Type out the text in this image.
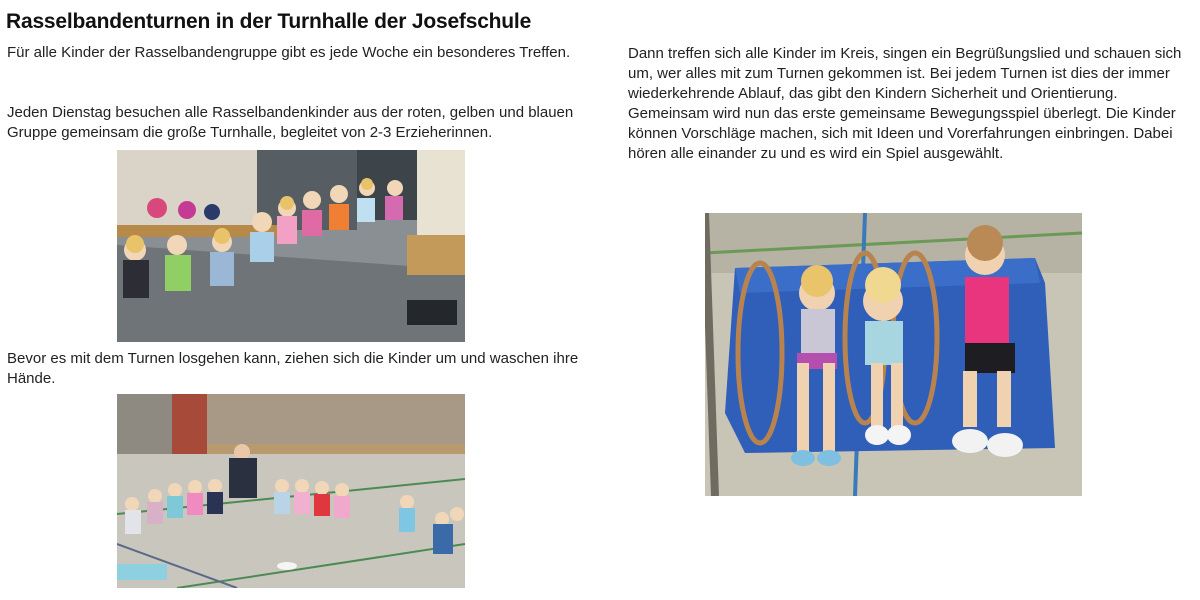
Rasselbandenturnen in der Turnhalle der Josefschule

Für alle Kinder der Rasselbandengruppe gibt es jede Woche ein besonderes Treffen.

Jeden Dienstag besuchen alle Rasselbandenkinder aus der roten, gelben und blauen Gruppe gemeinsam die große Turnhalle, begleitet von 2-3 Erzieherinnen.

Bevor es mit dem Turnen losgehen kann, ziehen sich die Kinder um und waschen ihre Hände.

Dann treffen sich alle Kinder im Kreis, singen ein Begrüßungslied und schauen sich um, wer alles mit zum Turnen gekommen ist. Bei jedem Turnen ist dies der immer wiederkehrende Ablauf, das gibt den Kindern Sicherheit und Orientierung. Gemeinsam wird nun das erste gemeinsame Bewegungsspiel überlegt. Die Kinder können Vorschläge machen, sich mit Ideen und Vorerfahrungen einbringen. Dabei hören alle einander zu und es wird ein Spiel ausgewählt.
